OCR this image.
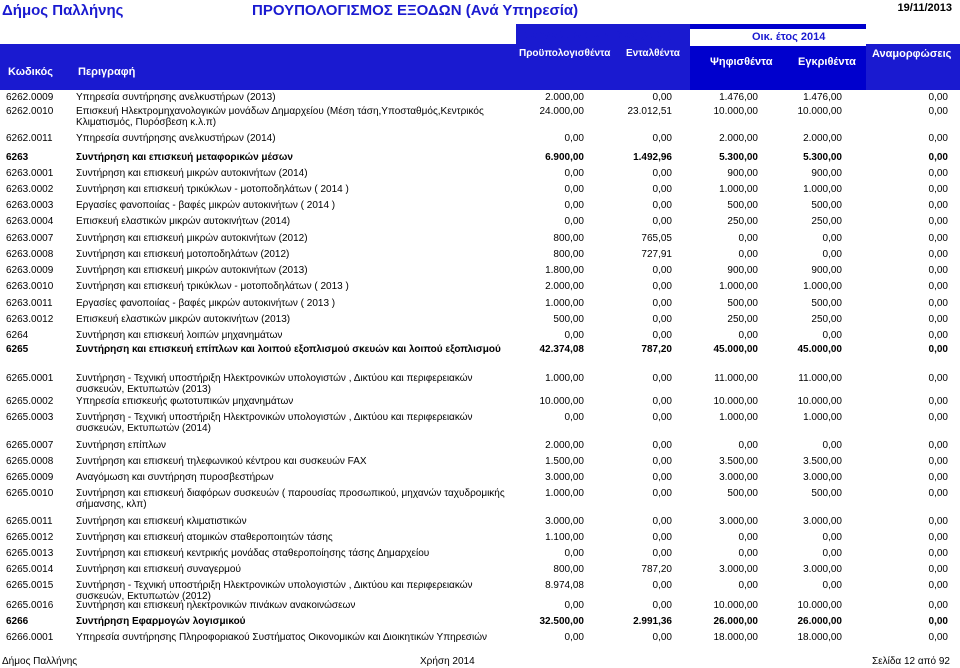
Δήμος Παλλήνης	ΠΡΟΥΠΟΛΟΓΙΣΜΟΣ ΕΞΟΔΩΝ (Ανά Υπηρεσία)	19/11/2013
Προηγούμενο Οικ. έτος (2013)	Οικ. έτος 2014
Κωδικός Περιγραφή
Προϋπολογισθέντα Ενταλθέντα
Ψηφισθέντα Εγκριθέντα
Αναμορφώσεις
6262.0009 Υπηρεσία συντήρησης ανελκυστήρων (2013)	2.000,00	0,00	1.476,00	1.476,00	0,00
6262.0010 Επισκευή Ηλεκτρομηχανολογικών μονάδων Δημαρχείου (Μέση τάση,Υποσταθμός,Κεντρικός Κλιματισμός, Πυρόσβεση κ.λ.π)
24.000,00	23.012,51	10.000,00	10.000,00	0,00
6262.0011 Υπηρεσία συντήρησης ανελκυστήρων (2014)	0,00	0,00	2.000,00	2.000,00	0,00
6263	Συντήρηση και επισκευή μεταφορικών μέσων	6.900,00	1.492,96	5.300,00	5.300,00	0,00
6263.0001 Συντήρηση και επισκευή μικρών αυτοκινήτων (2014)	0,00	0,00	900,00	900,00	0,00
6263.0002 Συντήρηση και επισκευή τρικύκλων - μοτοποδηλάτων ( 2014 )	0,00	0,00	1.000,00	1.000,00	0,00
6263.0003 Εργασίες φανοποιίας - βαφές μικρών αυτοκινήτων ( 2014 )	0,00	0,00	500,00	500,00	0,00
6263.0004 Επισκευή ελαστικών μικρών αυτοκινήτων (2014)	0,00	0,00	250,00	250,00	0,00
6263.0007 Συντήρηση και επισκευή μικρών αυτοκινήτων (2012)	800,00	765,05	0,00	0,00	0,00
6263.0008 Συντήρηση και επισκευή μοτοποδηλάτων (2012)	800,00	727,91	0,00	0,00	0,00
6263.0009 Συντήρηση και επισκευή μικρών αυτοκινήτων (2013)	1.800,00	0,00	900,00	900,00	0,00
6263.0010 Συντήρηση και επισκευή τρικύκλων - μοτοποδηλάτων ( 2013 )	2.000,00	0,00	1.000,00	1.000,00	0,00
6263.0011 Εργασίες φανοποιίας - βαφές μικρών αυτοκινήτων ( 2013 )	1.000,00	0,00	500,00	500,00	0,00
6263.0012 Επισκευή ελαστικών μικρών αυτοκινήτων (2013)	500,00	0,00	250,00	250,00	0,00
6264	Συντήρηση και επισκευή λοιπών μηχανημάτων	0,00	0,00	0,00	0,00	0,00
6265	Συντήρηση και επισκευή επίπλων και λοιπού εξοπλισμού σκευών και λοιπού εξοπλισμού	42.374,08	787,20	45.000,00	45.000,00	0,00
6265.0001 Συντήρηση - Τεχνική υποστήριξη Ηλεκτρονικών υπολογιστών , Δικτύου και περιφερειακών συσκευών, Εκτυπωτών (2013)
1.000,00	0,00	11.000,00	11.000,00	0,00
6265.0002 Υπηρεσία επισκευής φωτοτυπικών μηχανημάτων	10.000,00	0,00	10.000,00	10.000,00	0,00
6265.0003 Συντήρηση - Τεχνική υποστήριξη Ηλεκτρονικών υπολογιστών , Δικτύου και περιφερειακών συσκευών, Εκτυπωτών (2014)
0,00	0,00	1.000,00	1.000,00	0,00
6265.0007 Συντήρηση επίπλων	2.000,00	0,00	0,00	0,00	0,00
6265.0008 Συντήρηση και επισκευή τηλεφωνικού κέντρου και συσκευών FAX	1.500,00	0,00	3.500,00	3.500,00	0,00
6265.0009 Αναγόμωση και συντήρηση πυροσβεστήρων	3.000,00	0,00	3.000,00	3.000,00	0,00
6265.0010 Συντήρηση και επισκευή διαφόρων συσκευών ( παρουσίας προσωπικού, μηχανών ταχυδρομικής σήμανσης, κλπ)
1.000,00	0,00	500,00	500,00	0,00
6265.0011 Συντήρηση και επισκευή κλιματιστικών	3.000,00	0,00	3.000,00	3.000,00	0,00
6265.0012 Συντήρηση και επισκευή ατομικών σταθεροποιητών τάσης	1.100,00	0,00	0,00	0,00	0,00
6265.0013 Συντήρηση και επισκευή κεντρικής μονάδας σταθεροποίησης τάσης Δημαρχείου	0,00	0,00	0,00	0,00	0,00
6265.0014 Συντήρηση και επισκευή συναγερμού	800,00	787,20	3.000,00	3.000,00	0,00
6265.0015 Συντήρηση - Τεχνική υποστήριξη Ηλεκτρονικών υπολογιστών , Δικτύου και περιφερειακών συσκευών, Εκτυπωτών (2012)
8.974,08	0,00	0,00	0,00	0,00
6265.0016 Συντήρηση και επισκευή ηλεκτρονικών πινάκων ανακοινώσεων	0,00	0,00	10.000,00	10.000,00	0,00
6266	Συντήρηση Εφαρμογών λογισμικού	32.500,00	2.991,36	26.000,00	26.000,00	0,00
6266.0001 Υπηρεσία συντήρησης Πληροφοριακού Συστήματος Οικονομικών και Διοικητικών Υπηρεσιών	0,00	0,00	18.000,00	18.000,00	0,00
Δήμος Παλλήνης	Χρήση 2014	Σελίδα 12 από 92
